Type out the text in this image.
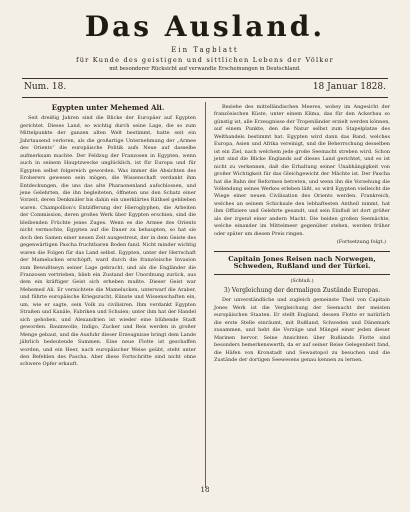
Das Ausland.
Ein Tagblatt
für Kunde des geistigen und sittlichen Lebens der Völker
mit besonderer Rücksicht auf verwandte Erscheinungen in Deutschland.
Num. 18.	18 Januar 1828.
Egypten unter Mehemed Ali.

Seit dreißig Jahren sind die Blicke der Europäer auf Egypten gerichtet. Dieses Land, so wichtig durch seine Lage, die so zum Mittelpunkte der ganzen alten Welt bestimmt, hatte seit ein Jahrtausend verloren, als die großartige Unternehmung der „Armee des Orients“ die europäische Politik aufs Neue auf dasselbe aufmerksam machte. Der Feldzug der Franzosen in Egypten, wenn auch in seinem Hauptzwecke unglücklich, ist für Europa und für Egypten selbst folgereich geworden. Was immer die Absichten des Eroberers gewesen sein mögen, die Wissenschaft verdankt ihm Entdeckungen, die uns das alte Pharaonenland aufschlossen, und jene Gelehrten, die ihn begleiteten, öffneten uns den Schatz einer Vorzeit, deren Denkmäler bis dahin ein unerklärtes Räthsel geblieben waren. Champollion's Entzifferung der Hieroglyphen, die Arbeiten der Commission, deren großes Werk über Egypten erschien, sind die bleibenden Früchte jenes Zuges. Wenn es die Armee des Orients nicht vermochte, Egypten auf die Dauer zu behaupten, so hat sie doch den Samen einer neuen Zeit ausgestreut, der in dem Geiste des gegenwärtigen Pascha fruchtbaren Boden fand. Nicht minder wichtig waren die Folgen für das Land selbst. Egypten, unter der Herrschaft der Mamelucken erschöpft, ward durch die französische Invasion zum Bewußtseyn seiner Lage gebracht, und als die Engländer die Franzosen vertrieben, blieb ein Zustand der Unordnung zurück, aus dem ein kräftiger Geist sich erheben mußte. Dieser Geist war Mehemed Ali. Er vernichtete die Mamelucken, unterwarf die Araber, und führte europäische Kriegszucht, Künste und Wissenschaften ein, um, wie er sagte, sein Volk zu civilisiren. Ihm verdankt Egypten Straßen und Kanäle, Fabriken und Schulen; unter ihm hat der Handel sich gehoben, und Alexandrien ist wieder eine blühende Stadt geworden. Baumwolle, Indigo, Zucker und Reis werden in großer Menge gebaut, und die Ausfuhr dieser Erzeugnisse bringt dem Lande jährlich bedeutende Summen. Eine neue Flotte ist geschaffen worden, und ein Heer, nach europäischer Weise geübt, steht unter den Befehlen des Pascha. Aber diese Fortschritte sind nicht ohne schwere Opfer erkauft.

Beziehe des mittelländischen Meeres, wobey im Angesicht der französischen Küste, unter einem Klima, das für den Ackerbau so günstig ist, alle Erzeugnisse der Tropenländer erzielt werden können, auf einem Punkte, den die Natur selbst zum Stapelplatze des Welthandels bestimmt hat. Egypten wird dann das Band, welches Europa, Asien und Afrika vereinigt, und die Beherrschung desselben ist ein Ziel, nach welchem jede große Seemacht streben wird. Schon jetzt sind die Blicke Englands auf dieses Land gerichtet, und es ist nicht zu verkennen, daß die Erhaltung seiner Unabhängigkeit von großer Wichtigkeit für das Gleichgewicht der Mächte ist. Der Pascha hat die Bahn der Reformen betreten, und wenn ihn die Vorsehung die Vollendung seines Werkes erleben läßt, so wird Egypten vielleicht die Wiege einer neuen Civilisation des Orients werden. Frankreich, welches an seinem Schicksale den lebhaftesten Antheil nimmt, hat ihm Offiziere und Gelehrte gesandt, und sein Einfluß ist dort größer als der irgend einer andern Macht. Die beiden großen Seemächte, welche einander im Mittelmeer gegenüber stehen, werden früher oder später um diesen Preis ringen.

(Fortsetzung folgt.)
Capitain Jones Reisen nach Norwegen, Schweden, Rußland und der Türkei.
(Schluß.)
3) Vergleichung der dermaligen Zustände Europas.

Der unverständliche und zugleich gemeinste Theil von Capitain Jones Werk ist die Vergleichung der Seemacht der meisten europäischen Staaten. Er stellt England, dessen Flotte er natürlich die erste Stelle einräumt, mit Rußland, Schweden und Dänemark zusammen, und hebt die Vorzüge und Mängel einer jeden dieser Marinen hervor. Seine Ansichten über Rußlands Flotte sind besonders bemerkenswerth, da er auf seiner Reise Gelegenheit fand, die Häfen von Kronstadt und Sewastopol zu besuchen und die Zustände der dortigen Seewesens genau kennen zu lernen.

18
